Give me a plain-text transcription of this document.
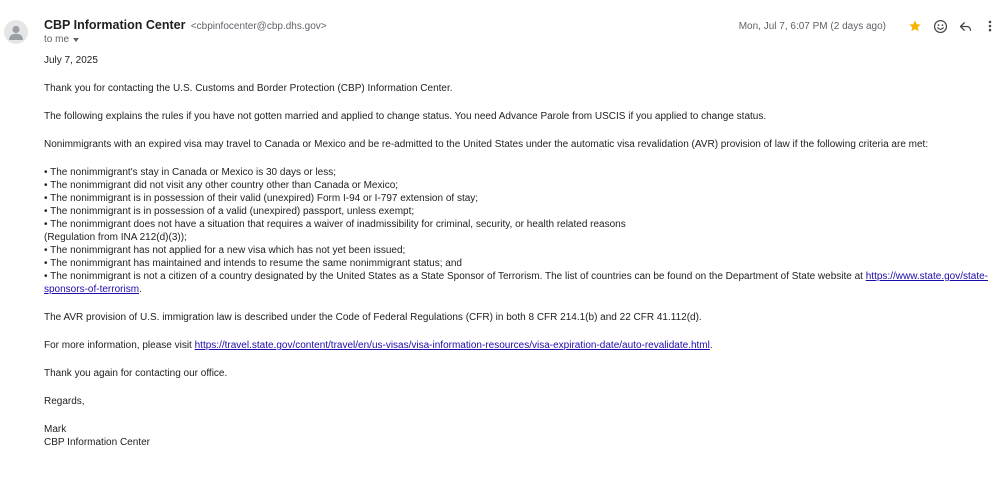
CBP Information Center <cbpinfocenter@cbp.dhs.gov>
to me
Mon, Jul 7, 6:07 PM (2 days ago)

July 7, 2025

Thank you for contacting the U.S. Customs and Border Protection (CBP) Information Center.

The following explains the rules if you have not gotten married and applied to change status. You need Advance Parole from USCIS if you applied to change status.

Nonimmigrants with an expired visa may travel to Canada or Mexico and be re-admitted to the United States under the automatic visa revalidation (AVR) provision of law if the following criteria are met:

• The nonimmigrant's stay in Canada or Mexico is 30 days or less;

• The nonimmigrant did not visit any other country other than Canada or Mexico;

• The nonimmigrant is in possession of their valid (unexpired) Form I-94 or I-797 extension of stay;

• The nonimmigrant is in possession of a valid (unexpired) passport, unless exempt;

• The nonimmigrant does not have a situation that requires a waiver of inadmissibility for criminal, security, or health related reasons

(Regulation from INA 212(d)(3));

• The nonimmigrant has not applied for a new visa which has not yet been issued;

• The nonimmigrant has maintained and intends to resume the same nonimmigrant status; and

• The nonimmigrant is not a citizen of a country designated by the United States as a State Sponsor of Terrorism. The list of countries can be found on the Department of State website at https://www.state.gov/state-sponsors-of-terrorism.

The AVR provision of U.S. immigration law is described under the Code of Federal Regulations (CFR) in both 8 CFR 214.1(b) and 22 CFR 41.112(d).

For more information, please visit https://travel.state.gov/content/travel/en/us-visas/visa-information-resources/visa-expiration-date/auto-revalidate.html.

Thank you again for contacting our office.

Regards,

Mark

CBP Information Center
